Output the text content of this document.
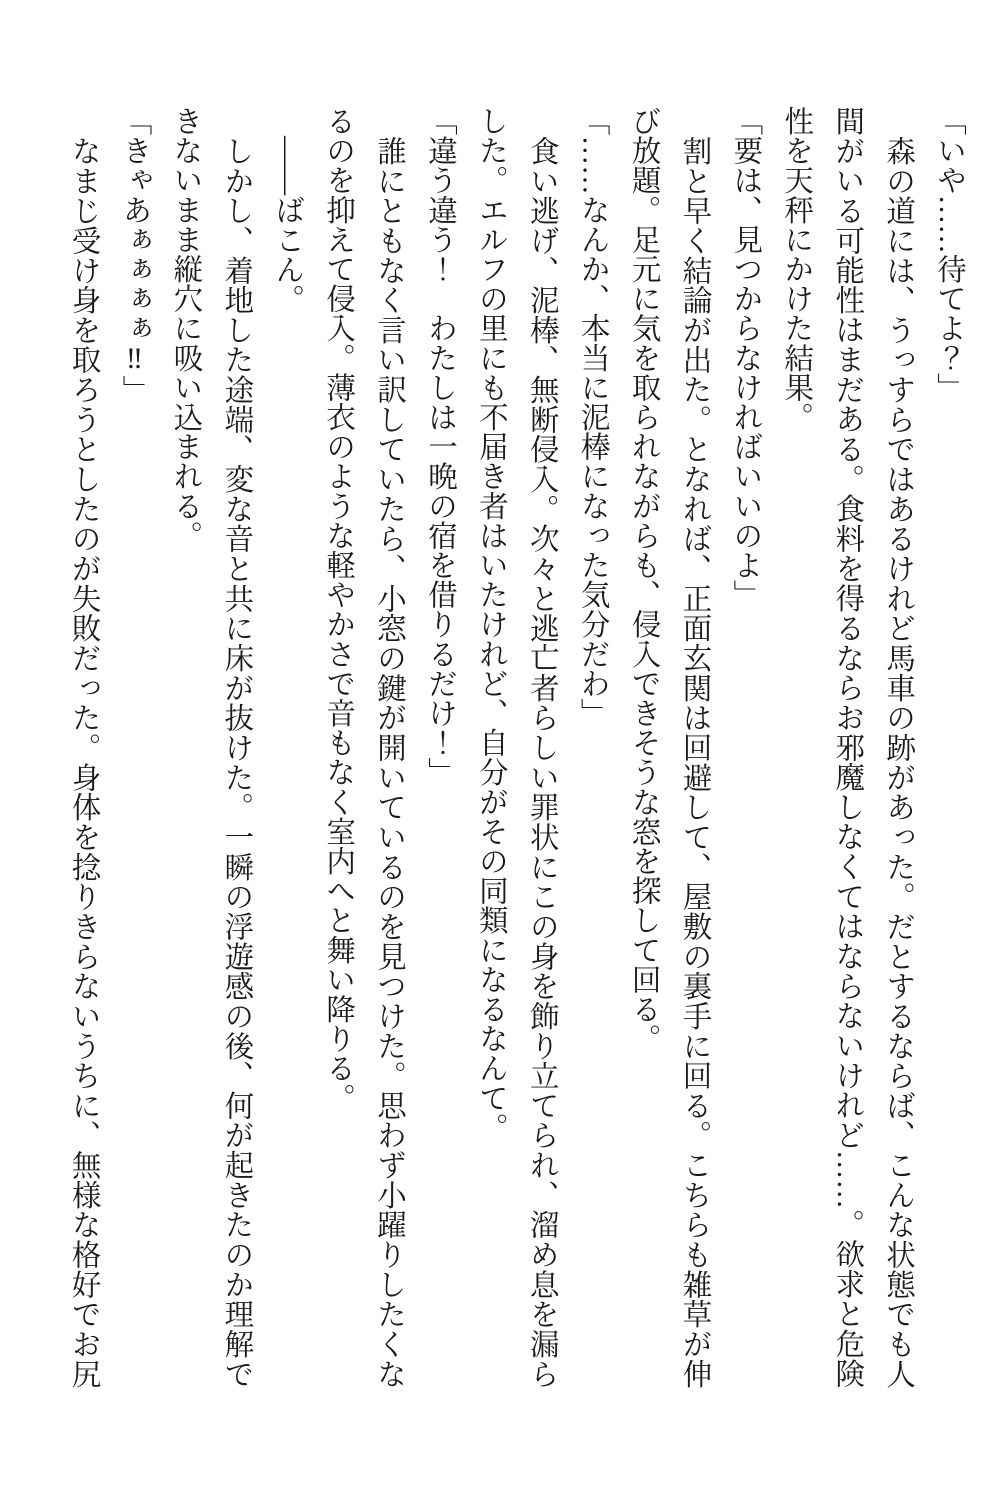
「いや……待てよ？」

森の道には、うっすらではあるけれど馬車の跡があった。だとするならば、こんな状態でも人

間がいる可能性はまだある。食料を得るならお邪魔しなくてはならないけれど……。欲求と危険

性を天秤にかけた結果。

「要は、見つからなければいいのよ」

割と早く結論が出た。となれば、正面玄関は回避して、屋敷の裏手に回る。こちらも雑草が伸

び放題。足元に気を取られながらも、侵入できそうな窓を探して回る。

「……なんか、本当に泥棒になった気分だわ」

食い逃げ、泥棒、無断侵入。次々と逃亡者らしい罪状にこの身を飾り立てられ、溜め息を漏ら

した。エルフの里にも不届き者はいたけれど、自分がその同類になるなんて。

「違う違う！　わたしは一晩の宿を借りるだけ！」

誰にともなく言い訳していたら、小窓の鍵が開いているのを見つけた。思わず小躍りしたくな

るのを抑えて侵入。薄衣のような軽やかさで音もなく室内へと舞い降りる。

――ばこん。

しかし、着地した途端、変な音と共に床が抜けた。一瞬の浮遊感の後、何が起きたのか理解で

きないまま縦穴に吸い込まれる。

「きゃあぁぁぁぁ‼」

なまじ受け身を取ろうとしたのが失敗だった。身体を捻りきらないうちに、無様な格好でお尻
